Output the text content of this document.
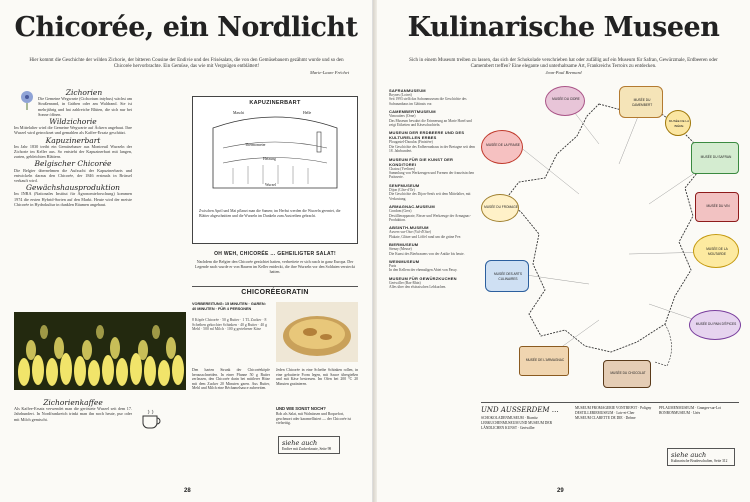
Chicorée, ein Nordlicht
Hier kommt die Geschichte der wilden Zichorie, der bitteren Cousine der Endivie und des Frisésalats, die von den Gemüsebauern gezähmt wurde und so den Chicorée hervorbrachte. Ein Gemüse, das wie mit Vergnügen entblättert!
Marie-Laure Fréchet
Zichorien
Die Gemeine Wegwarte (Cichorium intybus) wächst am Straßenrand, in Gräben oder am Waldrand. Sie ist mehrjährig und hat zahlreiche Blüten, die sich nur bei Sonne öffnen.
Wildzichorie
Im Mittelalter wird die Gemeine Wegwarte auf Äckern angebaut. Ihre Wurzel wird getrocknet und gemahlen als Kaffee-Ersatz geschätzt.
Kapuzinerbart
Im Jahr 1830 treibt ein Gemüsebauer aus Montreuil Wurzeln der Zichorie im Keller aus. So entsteht der Kapuzinerbart mit langen, zarten, gebleichten Blättern.
Belgischer Chicorée
Die Belgier übernehmen die Aufzucht der Kapuzinerbarts und entwickeln daraus den Chicorée, der 1846 erstmals in Brüssel verkauft wird.
Gewächshausproduktion
Im INRA (Nationales Institut für Agronomieforschung) kommen 1974 die ersten Hybrid-Sorten auf den Markt. Heute wird der meiste Chicorée in Hydrokultur in dunklen Räumen angebaut.
Zichorienkaffee
Als Kaffee-Ersatz verwendet man die geröstete Wurzel seit dem 17. Jahrhundert. In Nordfrankreich trinkt man ihn noch heute, pur oder mit Milch gemischt.
KAPUZINERBART
Maschi	Helle
Thermometer
Heizung
Wurzel
Zwischen April und Mai pflanzt man die Samen; im Herbst werden die Wurzeln geerntet, die Blätter abgeschnitten und die Wurzeln im Dunkeln zum Austreiben gebracht.
OH WEH, CHICORÉE … GEHEILIGTER SALAT!
Nachdem die Belgier den Chicorée gezüchtet hatten, verbreitete er sich rasch in ganz Europa. Der Legende nach wurde er von Bauern im Keller entdeckt, die ihre Wurzeln vor den Soldaten versteckt hatten.
CHICORÉEGRATIN
VORBEREITUNG: 15 MINUTEN · GAREN: 40 MINUTEN · FÜR 4 PERSONEN
8 Köpfe Chicorée · 50 g Butter · 1 TL Zucker · 8 Scheiben gekochter Schinken · 40 g Butter · 40 g Mehl · 500 ml Milch · 100 g geriebener Käse
Den harten Strunk der Chicoréeköpfe herausschneiden. In einer Pfanne 50 g Butter zerlassen, den Chicorée darin bei mittlerer Hitze mit dem Zucker 20 Minuten garen. Aus Butter, Mehl und Milch eine Béchamelsauce zubereiten.
Jeden Chicorée in eine Scheibe Schinken rollen, in eine gebutterte Form legen, mit Sauce übergießen und mit Käse bestreuen. Im Ofen bei 200 °C 20 Minuten gratinieren.
UND WIE SONST NOCH?
Roh als Salat, mit Walnüssen und Roquefort, geschmort oder karamellisiert — der Chicorée ist vielseitig.
siehe auch
Endive mit Zuckerkruste, Seite 98
28
Kulinarische Museen
Sich in einem Museum treiben zu lassen, das sich der Schokolade verschrieben hat oder zufällig auf ein Museum für Safran, Gewürzmale, Erdbeeren oder Camembert treffen? Eine elegante und unterhaltsame Art, Frankreichs Terroirs zu entdecken.
Jean-Paul Bremard
SAFRANMUSEUM

Boynes (Loiret)

Seit 1993 stellt das Safranmuseum die Geschichte des Safrananbaus im Gâtinais vor.

CAMEMBERTMUSEUM

Vimoutiers (Orne)

Das Museum bewahrt die Erinnerung an Marie Harel und zeigt Etiketten und Käseschachteln.

MUSEUM DER ERDBEERE UND DES KULTURELLEN ERBES

Plougastel-Daoulas (Finistère)

Die Geschichte des Erdbeeranbaus in der Bretagne seit dem 18. Jahrhundert.

MUSEUM FÜR DIE KUNST DER KONDITOREI

Chatou (Yvelines)

Sammlung von Werkzeugen und Formen der französischen Patisserie.

SENFMUSEUM

Dijon (Côte-d'Or)

Die Geschichte des Dijon-Senfs seit dem Mittelalter, mit Verkostung.

ARMAGNAC-MUSEUM

Condom (Gers)

Destillierapparate, Fässer und Werkzeuge der Armagnac-Produktion.

ABSINTH-MUSEUM

Auvers-sur-Oise (Val-d'Oise)

Plakate, Gläser und Löffel rund um die grüne Fee.

BIERMUSEUM

Stenay (Meuse)

Die Kunst des Bierbrauens von der Antike bis heute.

WEINMUSEUM

Paris

In den Kellern der ehemaligen Abtei von Passy.

MUSEUM FÜR GEWÜRZKUCHEN

Gertwiller (Bas-Rhin)

Alles über den elsässischen Lebkuchen.

MUSÉE DU CIDRE	MUSÉE DU CAMEMBERT
MUSÉE DE LA FRAISE
MUSÉE DU SAFRAN
MUSÉE DE LA MOUTARDE
MUSÉE DES ARTS CULINAIRES
MUSÉE DE L'ARMAGNAC
MUSÉE DU PAIN D'ÉPICES
MUSÉE DU VIN
MUSÉE DE LA BIÈRE
MUSÉE DU CHOCOLAT
MUSÉE DU FROMAGE
UND AUSSERDEM …

SCHOKOLADENMUSEUM · Biarritz

LEBKUCHENMUSEUM UND MUSEUM DER LÄNDLICHEN KUNST · Gertwiller

MUSEUM FROMAGERIE VONTREPOT · Poligny

DESTILLERIEMUSEUM · Loir-et-Cher

MUSEUM CLARETTE DE DIE · Drôme

PFLAUMENMUSEUM · Granges-sur-Lot

BONBONMUSEUM · Uzès

siehe auch
Kulinarische Bruderschaften, Seite 312
29
